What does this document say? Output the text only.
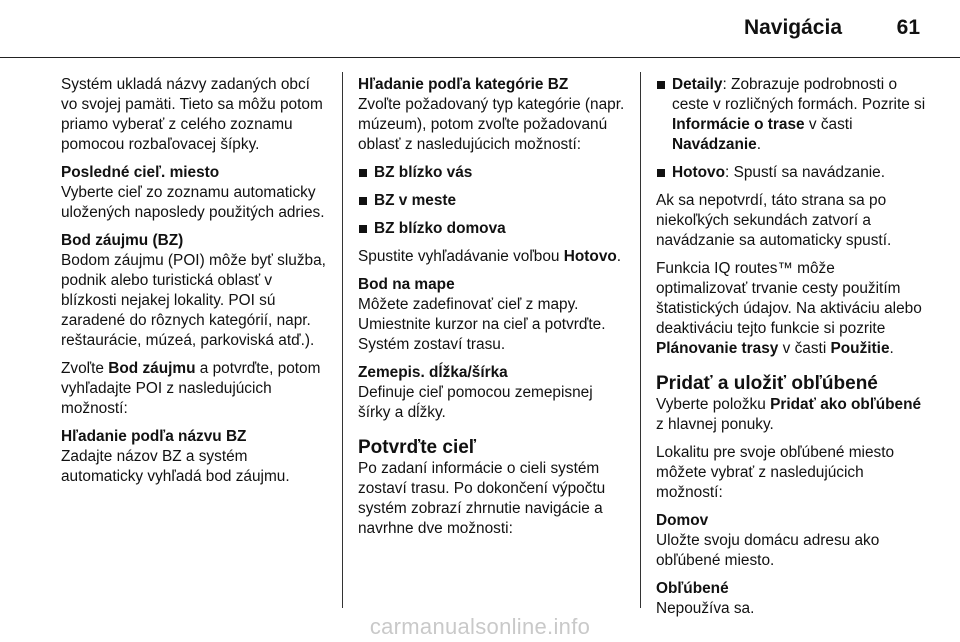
Navigácia	61

Systém ukladá názvy zadaných obcí vo svojej pamäti. Tieto sa môžu potom priamo vyberať z celého zoznamu pomocou rozbaľovacej šípky.

Posledné cieľ. miesto

Vyberte cieľ zo zoznamu automaticky uložených naposledy použitých adries.

Bod záujmu (BZ)

Bodom záujmu (POI) môže byť služba, podnik alebo turistická oblasť v blízkosti nejakej lokality. POI sú zaradené do rôznych kategórií, napr. reštaurácie, múzeá, parkoviská atď.).

Zvoľte Bod záujmu a potvrďte, potom vyhľadajte POI z nasledujúcich možností:

Hľadanie podľa názvu BZ

Zadajte názov BZ a systém automaticky vyhľadá bod záujmu.

Hľadanie podľa kategórie BZ

Zvoľte požadovaný typ kategórie (napr. múzeum), potom zvoľte požadovanú oblasť z nasledujúcich možností:

BZ blízko vás
BZ v meste
BZ blízko domova

Spustite vyhľadávanie voľbou Hotovo.

Bod na mape

Môžete zadefinovať cieľ z mapy. Umiestnite kurzor na cieľ a potvrďte. Systém zostaví trasu.

Zemepis. dĺžka/šírka

Definuje cieľ pomocou zemepisnej šírky a dĺžky.

Potvrďte cieľ

Po zadaní informácie o cieli systém zostaví trasu. Po dokončení výpočtu systém zobrazí zhrnutie navigácie a navrhne dve možnosti:

Detaily: Zobrazuje podrobnosti o ceste v rozličných formách. Pozrite si Informácie o trase v časti Navádzanie.
Hotovo: Spustí sa navádzanie.

Ak sa nepotvrdí, táto strana sa po niekoľkých sekundách zatvorí a navádzanie sa automaticky spustí.

Funkcia IQ routes™ môže optimalizovať trvanie cesty použitím štatistických údajov. Na aktiváciu alebo deaktiváciu tejto funkcie si pozrite Plánovanie trasy v časti Použitie.

Pridať a uložiť obľúbené

Vyberte položku Pridať ako obľúbené z hlavnej ponuky.

Lokalitu pre svoje obľúbené miesto môžete vybrať z nasledujúcich možností:

Domov

Uložte svoju domácu adresu ako obľúbené miesto.

Obľúbené

Nepoužíva sa.

carmanualsonline.info
